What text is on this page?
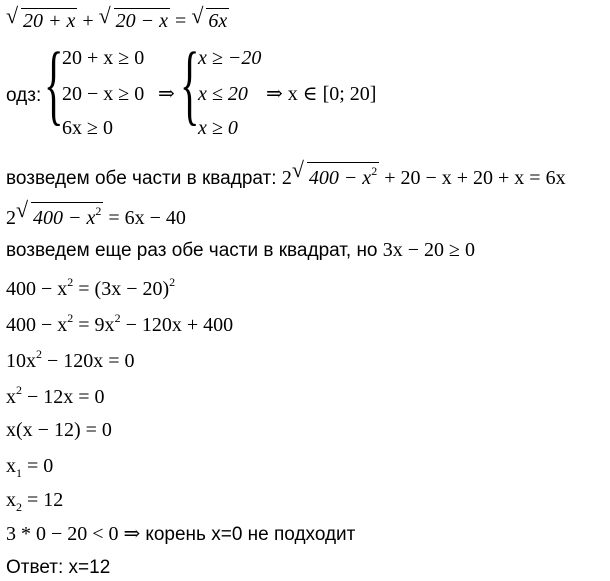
√ 20 + x + √ 20 − x = √ 6x
одз: {
20 + x ≥ 0
20 − x ≥ 0
6x ≥ 0
⇒ {
x ≥ −20
x ≤ 20
x ≥ 0
⇒ x ∈ [0; 20]
возведем обе части в квадрат: 2 √ $400 - x^2 + 20 - x + 20 + x = 6x$
2 √ $400 - x^2 = 6x - 40$
возведем еще раз обе части в квадрат, но 3x − 20 ≥ 0
$400 - x^2 = (3x - 20)^2$
$400 - x^2 = 9x^2 - 120x + 400$
$10x^2 - 120x = 0$
$x^2 - 12x = 0$
x(x − 12) = 0
$x_1 = 0$
$x_2 = 12$
3 * 0 − 20 < 0 ⇒ корень x=0 не подходит
Ответ: x=12
